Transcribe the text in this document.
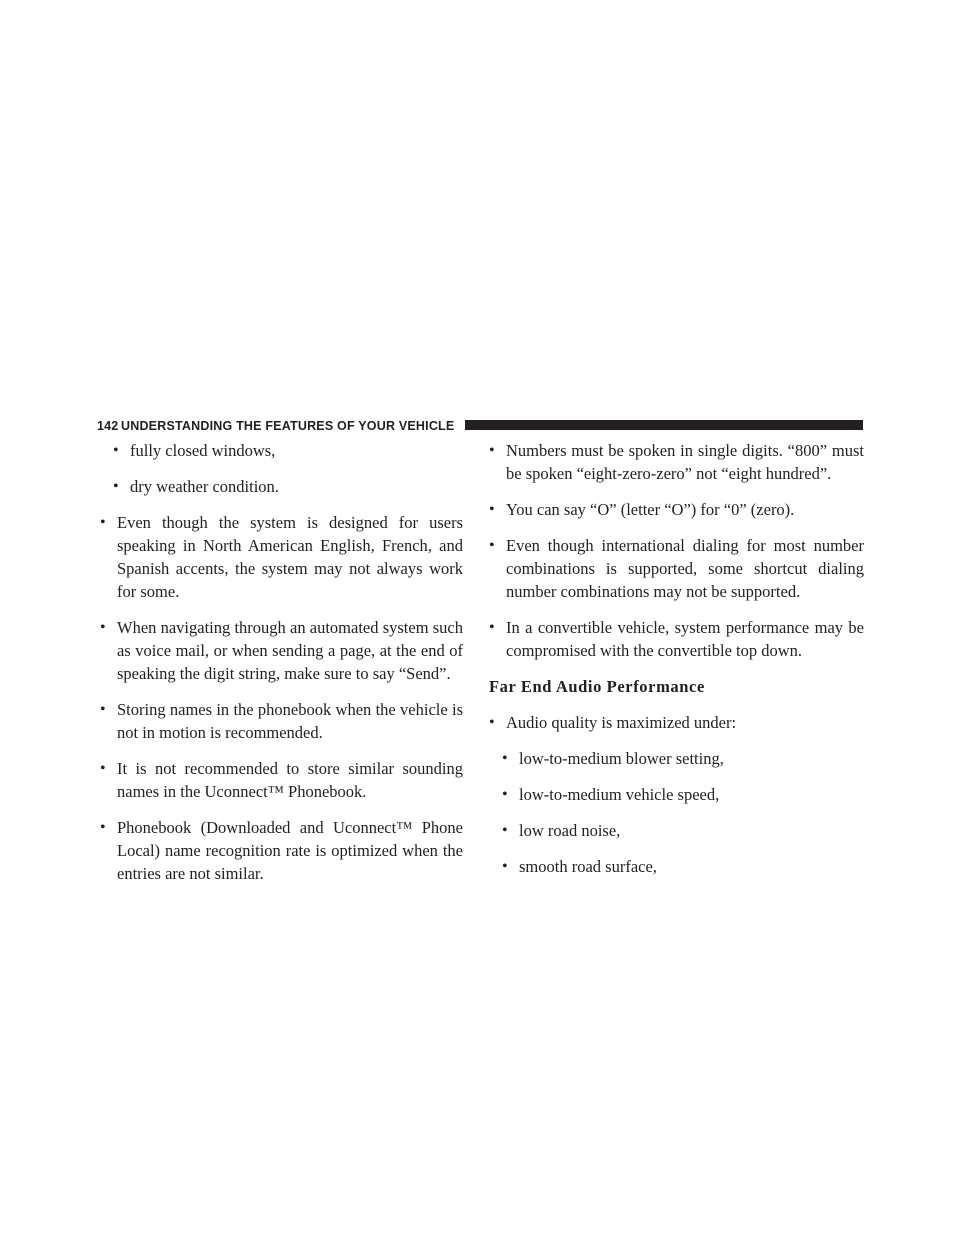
142 UNDERSTANDING THE FEATURES OF YOUR VEHICLE

• fully closed windows,

• dry weather condition.

• Even though the system is designed for users speaking in North American English, French, and Spanish accents, the system may not always work for some.

• When navigating through an automated system such as voice mail, or when sending a page, at the end of speaking the digit string, make sure to say “Send”.

• Storing names in the phonebook when the vehicle is not in motion is recommended.

• It is not recommended to store similar sounding names in the Uconnect™ Phonebook.

• Phonebook (Downloaded and Uconnect™ Phone Local) name recognition rate is optimized when the entries are not similar.

• Numbers must be spoken in single digits. “800” must be spoken “eight-zero-zero” not “eight hundred”.

• You can say “O” (letter “O”) for “0” (zero).

• Even though international dialing for most number combinations is supported, some shortcut dialing number combinations may not be supported.

• In a convertible vehicle, system performance may be compromised with the convertible top down.

Far End Audio Performance

• Audio quality is maximized under:

• low-to-medium blower setting,

• low-to-medium vehicle speed,

• low road noise,

• smooth road surface,
